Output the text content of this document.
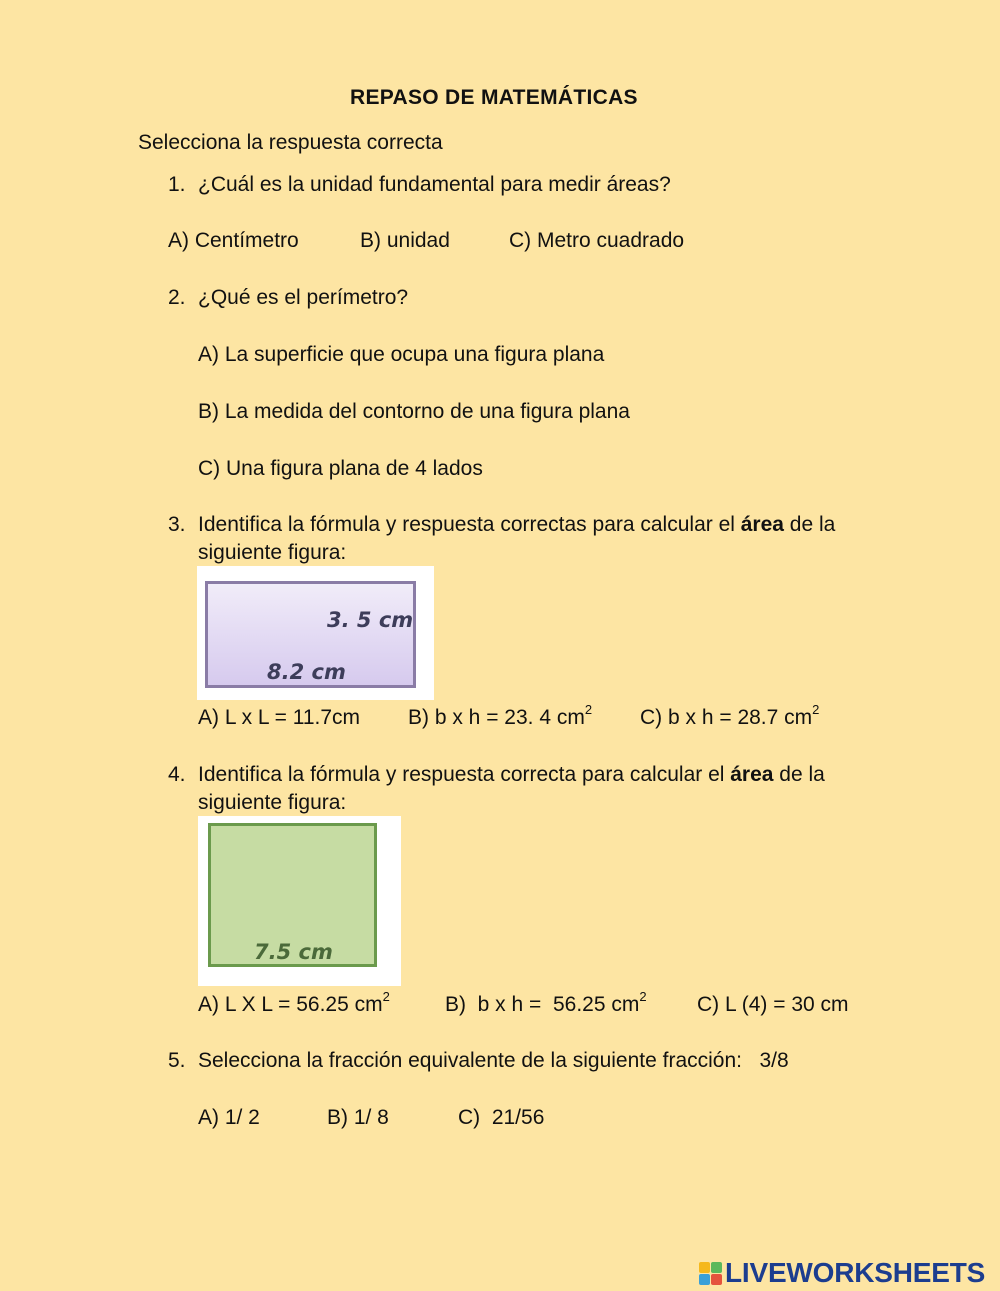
REPASO DE MATEMÁTICAS
Selecciona la respuesta correcta
1. ¿Cuál es la unidad fundamental para medir áreas?
A) Centímetro	B) unidad	C) Metro cuadrado
2. ¿Qué es el perímetro?
A) La superficie que ocupa una figura plana
B) La medida del contorno de una figura plana
C) Una figura plana de 4 lados
3. Identifica la fórmula y respuesta correctas para calcular el área de la
siguiente figura:
3. 5 cm
8.2 cm
A) L x L = 11.7cm B) b x h = 23. 4 $cm^2$ C) b x h = 28.7 $cm^2$
4. Identifica la fórmula y respuesta correcta para calcular el área de la
siguiente figura:
7.5 cm
A) L X L = 56.25 $cm^2$	B)  b x h =  56.25 $cm^2$ C) L (4) = 30 cm
5. Selecciona la fracción equivalente de la siguiente fracción:   3/8
A) 1/ 2	B) 1/ 8	C)  21/56
LIVEWORKSHEETS
